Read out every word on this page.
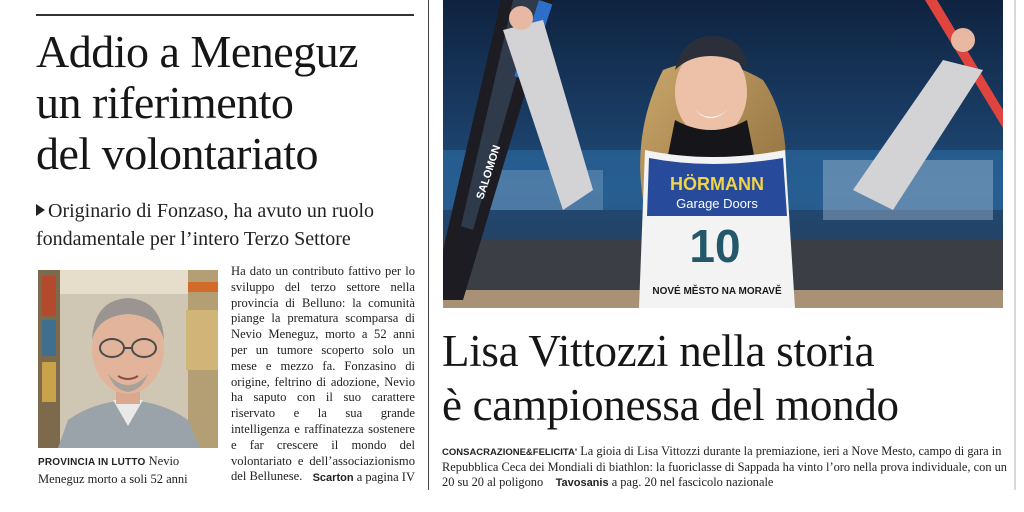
Addio a Meneguz
un riferimento
del volontariato
Originario di Fonzaso, ha avuto un ruolo
fondamentale per l’intero Terzo Settore
PROVINCIA IN LUTTO Nevio Meneguz morto a soli 52 anni
Ha dato un contributo fattivo per lo sviluppo del terzo settore nella provincia di Belluno: la comunità piange la prematura scomparsa di Nevio Meneguz, morto a 52 anni per un tumore scoperto solo un mese e mezzo fa. Fonzasino di origine, feltrino di adozione, Nevio ha saputo con il suo carattere riservato e la sua grande intelligenza e raffinatezza sostenere e far crescere il mondo del volontariato e dell’associazionismo del Bellunese. Scarton a pagina IV
HÖRMANN
Garage Doors
10
NOVÉ MĚSTO NA MORAVĚ
SALOMON
Lisa Vittozzi nella storia
è campionessa del mondo
CONSACRAZIONE&FELICITA' La gioia di Lisa Vittozzi durante la premiazione, ieri a Nove Mesto, campo di gara in Repubblica Ceca dei Mondiali di biathlon: la fuoriclasse di Sappada ha vinto l’oro nella prova individuale, con un 20 su 20 al poligono Tavosanis a pag. 20 nel fascicolo nazionale
